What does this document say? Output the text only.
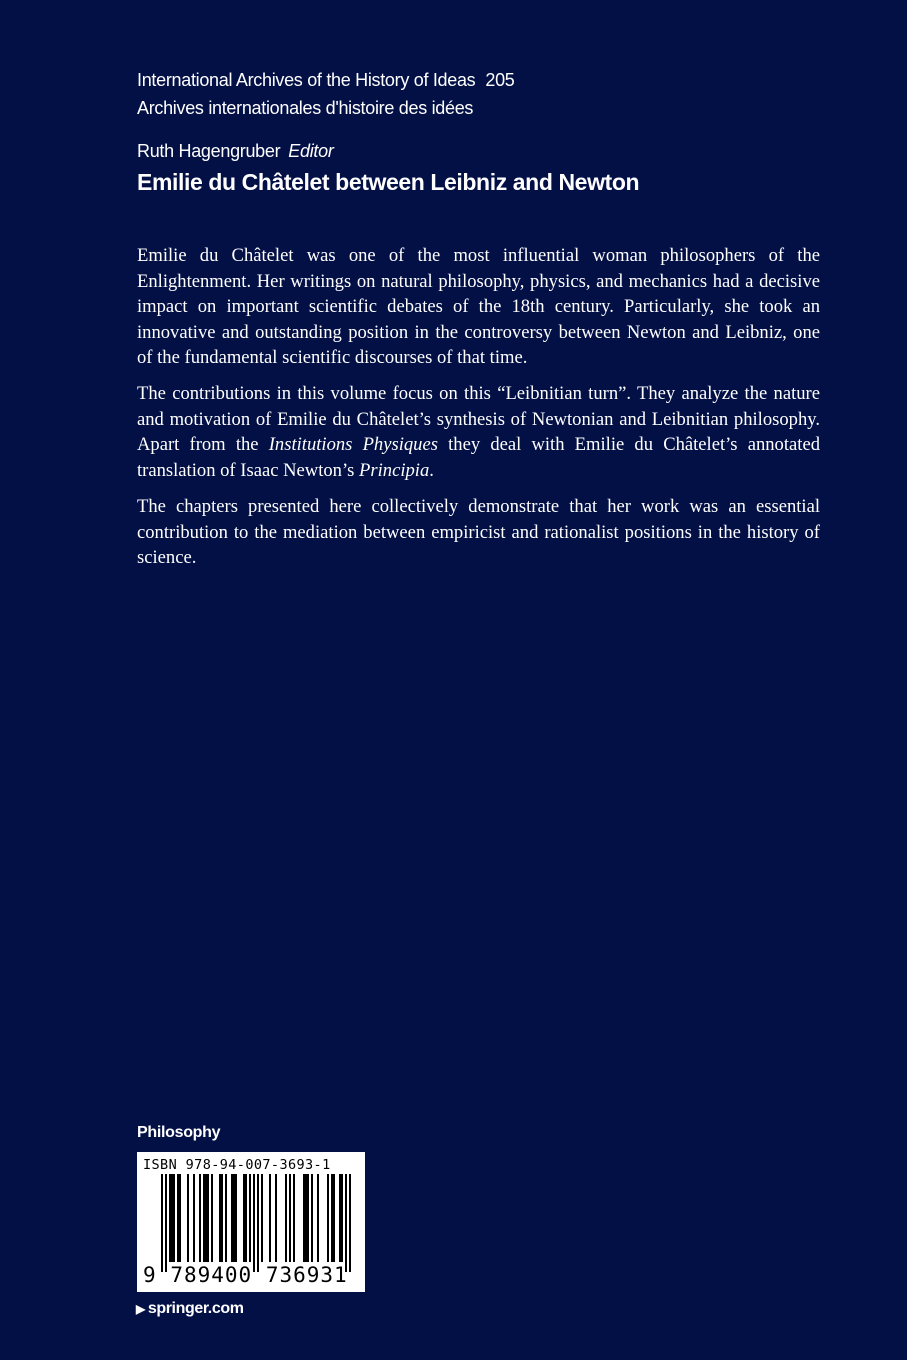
International Archives of the History of Ideas 205
Archives internationales d'histoire des idées
Ruth Hagengruber Editor
Emilie du Châtelet between Leibniz and Newton

Emilie du Châtelet was one of the most influential woman philosophers of the Enlightenment. Her writings on natural philosophy, physics, and mechanics had a decisive impact on important scientific debates of the 18th century. Particularly, she took an innovative and outstanding position in the controversy between Newton and Leibniz, one of the fundamental scientific discourses of that time.

The contributions in this volume focus on this “Leibnitian turn”. They analyze the nature and motivation of Emilie du Châtelet’s synthesis of Newtonian and Leibnitian philosophy. Apart from the Institutions Physiques they deal with Emilie du Châtelet’s annotated translation of Isaac Newton’s Principia.

The chapters presented here collectively demonstrate that her work was an essential contribution to the mediation between empiricist and rationalist positions in the history of science.

Philosophy
ISBN 978-94-007-3693-1
9 789400 736931
▶ springer.com
